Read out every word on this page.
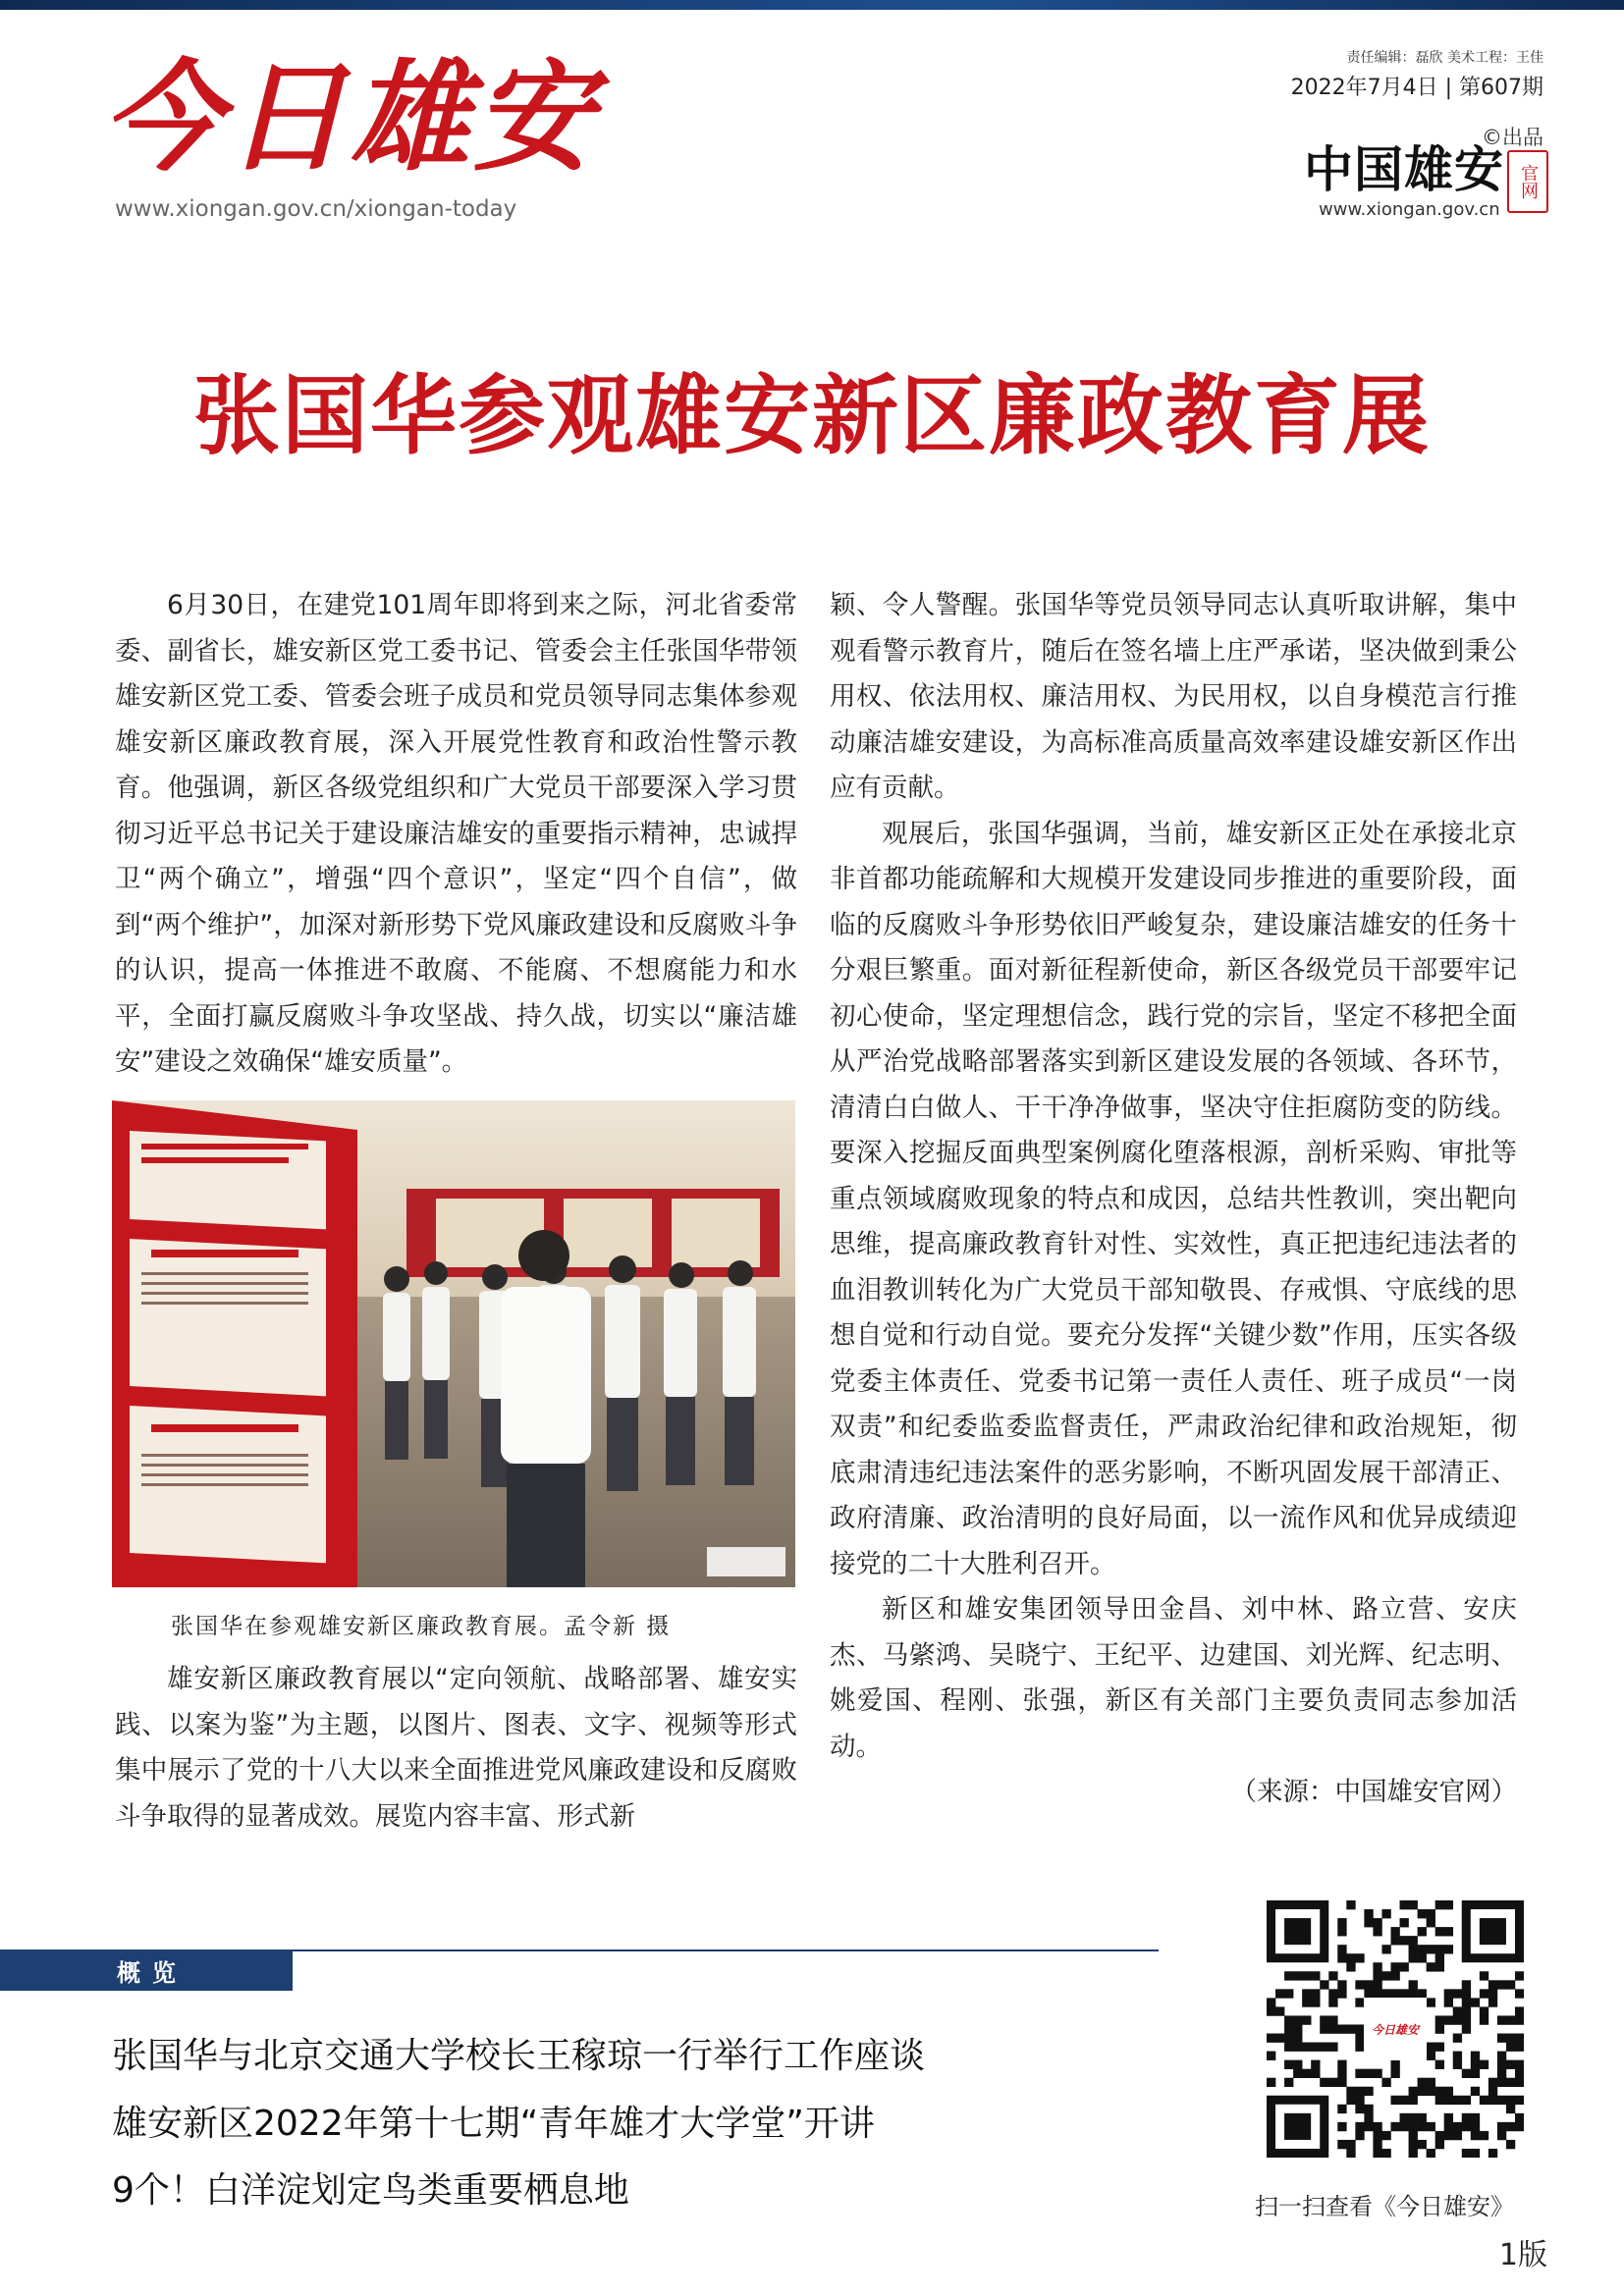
今日雄安
www.xiongan.gov.cn/xiongan-today
责任编辑：磊欣 美术工程：王佳
2022年7月4日 | 第607期
©出品
中国雄安 官网
www.xiongan.gov.cn
张国华参观雄安新区廉政教育展

6月30日，在建党101周年即将到来之际，河北省委常委、副省长，雄安新区党工委书记、管委会主任张国华带领雄安新区党工委、管委会班子成员和党员领导同志集体参观雄安新区廉政教育展，深入开展党性教育和政治性警示教育。他强调，新区各级党组织和广大党员干部要深入学习贯彻习近平总书记关于建设廉洁雄安的重要指示精神，忠诚捍卫“两个确立”，增强“四个意识”，坚定“四个自信”，做到“两个维护”，加深对新形势下党风廉政建设和反腐败斗争的认识，提高一体推进不敢腐、不能腐、不想腐能力和水平，全面打赢反腐败斗争攻坚战、持久战，切实以“廉洁雄安”建设之效确保“雄安质量”。

张国华在参观雄安新区廉政教育展。孟令新 摄

雄安新区廉政教育展以“定向领航、战略部署、雄安实践、以案为鉴”为主题，以图片、图表、文字、视频等形式集中展示了党的十八大以来全面推进党风廉政建设和反腐败斗争取得的显著成效。展览内容丰富、形式新

颖、令人警醒。张国华等党员领导同志认真听取讲解，集中观看警示教育片，随后在签名墙上庄严承诺，坚决做到秉公用权、依法用权、廉洁用权、为民用权，以自身模范言行推动廉洁雄安建设，为高标准高质量高效率建设雄安新区作出应有贡献。

观展后，张国华强调，当前，雄安新区正处在承接北京非首都功能疏解和大规模开发建设同步推进的重要阶段，面临的反腐败斗争形势依旧严峻复杂，建设廉洁雄安的任务十分艰巨繁重。面对新征程新使命，新区各级党员干部要牢记初心使命，坚定理想信念，践行党的宗旨，坚定不移把全面从严治党战略部署落实到新区建设发展的各领域、各环节，清清白白做人、干干净净做事，坚决守住拒腐防变的防线。要深入挖掘反面典型案例腐化堕落根源，剖析采购、审批等重点领域腐败现象的特点和成因，总结共性教训，突出靶向思维，提高廉政教育针对性、实效性，真正把违纪违法者的血泪教训转化为广大党员干部知敬畏、存戒惧、守底线的思想自觉和行动自觉。要充分发挥“关键少数”作用，压实各级党委主体责任、党委书记第一责任人责任、班子成员“一岗双责”和纪委监委监督责任，严肃政治纪律和政治规矩，彻底肃清违纪违法案件的恶劣影响，不断巩固发展干部清正、政府清廉、政治清明的良好局面，以一流作风和优异成绩迎接党的二十大胜利召开。

新区和雄安集团领导田金昌、刘中林、路立营、安庆杰、马綮鸿、吴晓宁、王纪平、边建国、刘光辉、纪志明、姚爱国、程刚、张强，新区有关部门主要负责同志参加活动。

（来源：中国雄安官网）

概览
张国华与北京交通大学校长王稼琼一行举行工作座谈
雄安新区2022年第十七期“青年雄才大学堂”开讲
9个！白洋淀划定鸟类重要栖息地
今日雄安
扫一扫查看《今日雄安》
1版
